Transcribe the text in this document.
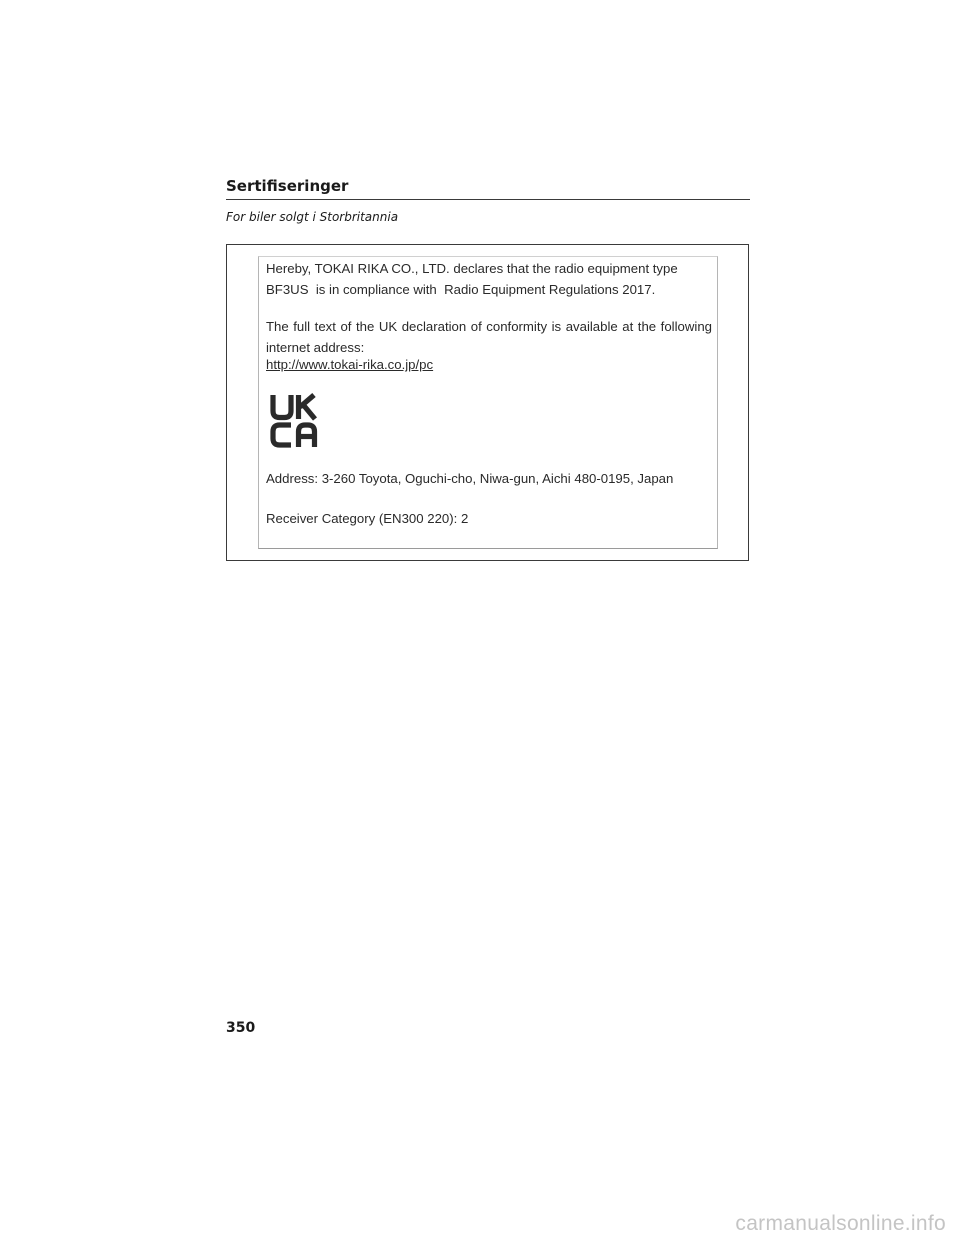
Sertifiseringer
For biler solgt i Storbritannia

Hereby, TOKAI RIKA CO., LTD. declares that the radio equipment type
BF3US  is in compliance with  Radio Equipment Regulations 2017.

The full text of the UK declaration of conformity is available at the following internet address:

http://www.tokai-rika.co.jp/pc
Address: 3-260 Toyota, Oguchi-cho, Niwa-gun, Aichi 480-0195, Japan
Receiver Category (EN300 220): 2
350
carmanualsonline.info
